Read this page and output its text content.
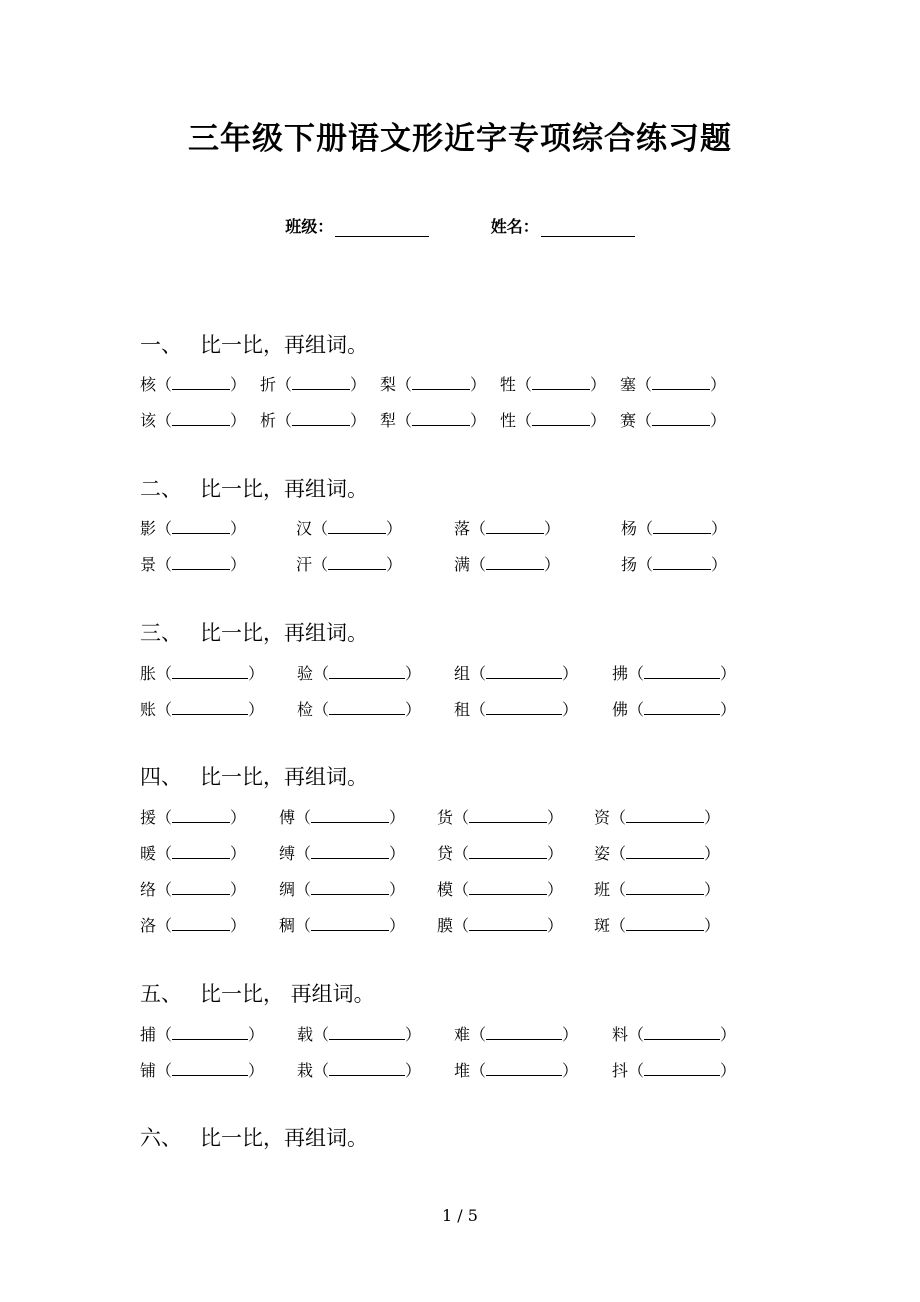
三年级下册语文形近字专项综合练习题
班级：	姓名：
一、 比一比，再组词。
核（	） 折（	） 梨（	） 牲（	） 塞（	）
该（	） 析（	） 犁（	） 性（	） 赛（	）
二、 比一比，再组词。
影（	）	汉（	）	落（	）	杨（	）
景（	）	汗（	）	满（	）	扬（	）
三、 比一比，再组词。
胀（	） 验（	） 组（	） 拂（	）
账（	） 检（	） 租（	） 佛（	）
四、 比一比，再组词。
援（	） 傅（	） 货（	） 资（	）
暖（	） 缚（	） 贷（	） 姿（	）
络（	） 绸（	） 模（	） 班（	）
洛（	） 稠（	） 膜（	） 斑（	）
五、 比一比， 再组词。
捕（	） 载（	） 难（	） 料（	）
铺（	） 栽（	） 堆（	） 抖（	）
六、 比一比，再组词。
1 / 5
